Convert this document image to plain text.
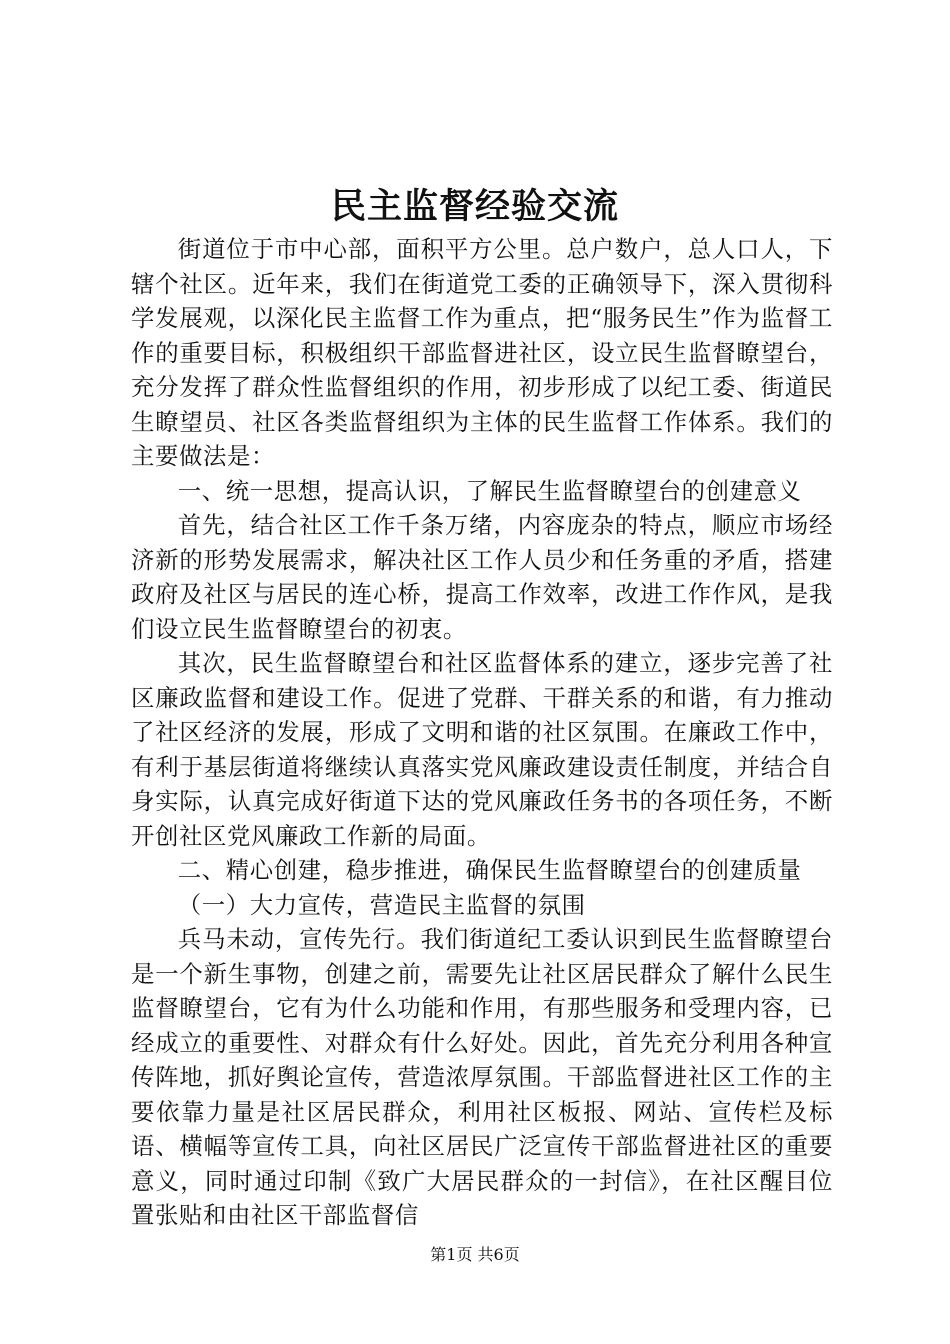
民主监督经验交流

街道位于市中心部，面积平方公里。总户数户，总人口人，下辖个社区。近年来，我们在街道党工委的正确领导下，深入贯彻科学发展观，以深化民主监督工作为重点，把“服务民生”作为监督工作的重要目标，积极组织干部监督进社区，设立民生监督瞭望台，充分发挥了群众性监督组织的作用，初步形成了以纪工委、街道民生瞭望员、社区各类监督组织为主体的民生监督工作体系。我们的主要做法是：

一、统一思想，提高认识，了解民生监督瞭望台的创建意义

首先，结合社区工作千条万绪，内容庞杂的特点，顺应市场经济新的形势发展需求，解决社区工作人员少和任务重的矛盾，搭建政府及社区与居民的连心桥，提高工作效率，改进工作作风，是我们设立民生监督瞭望台的初衷。

其次，民生监督瞭望台和社区监督体系的建立，逐步完善了社区廉政监督和建设工作。促进了党群、干群关系的和谐，有力推动了社区经济的发展，形成了文明和谐的社区氛围。在廉政工作中，有利于基层街道将继续认真落实党风廉政建设责任制度，并结合自身实际，认真完成好街道下达的党风廉政任务书的各项任务，不断开创社区党风廉政工作新的局面。

二、精心创建，稳步推进，确保民生监督瞭望台的创建质量

（一）大力宣传，营造民主监督的氛围

兵马未动，宣传先行。我们街道纪工委认识到民生监督瞭望台是一个新生事物，创建之前，需要先让社区居民群众了解什么民生监督瞭望台，它有为什么功能和作用，有那些服务和受理内容，已经成立的重要性、对群众有什么好处。因此，首先充分利用各种宣传阵地，抓好舆论宣传，营造浓厚氛围。干部监督进社区工作的主要依靠力量是社区居民群众，利用社区板报、网站、宣传栏及标语、横幅等宣传工具，向社区居民广泛宣传干部监督进社区的重要意义，同时通过印制《致广大居民群众的一封信》，在社区醒目位置张贴和由社区干部监督信

第1页 共6页
